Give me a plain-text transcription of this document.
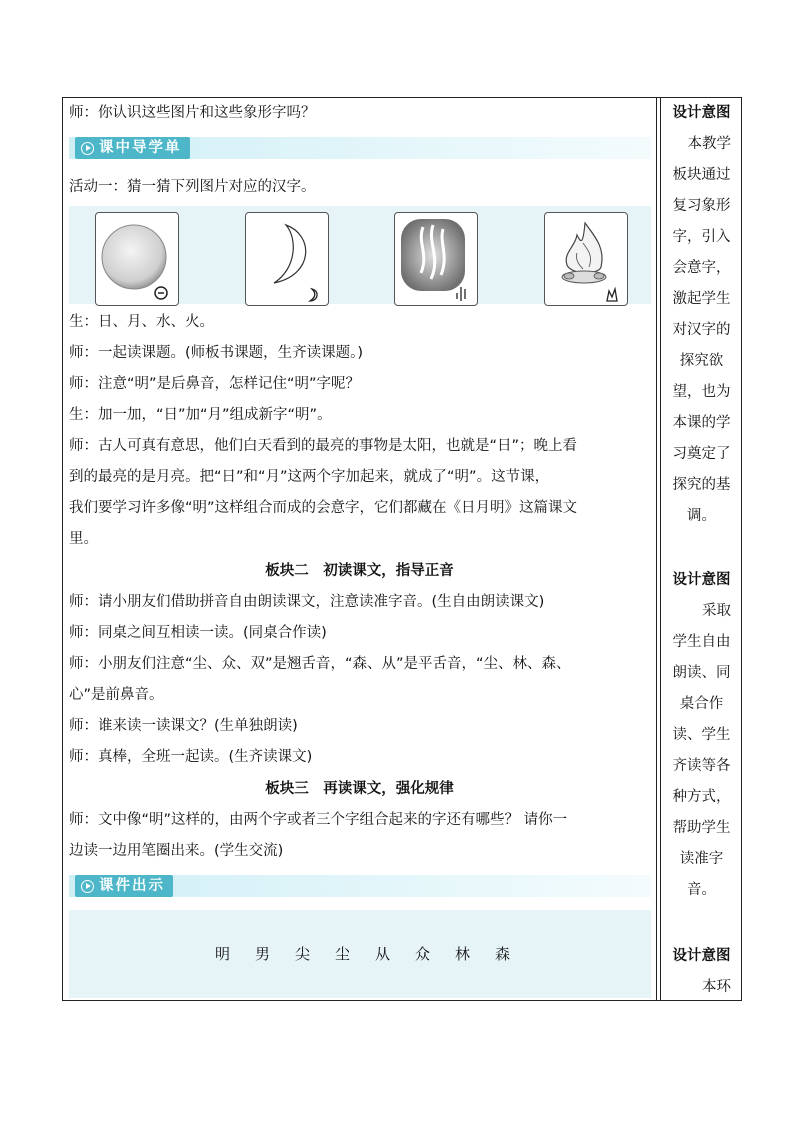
师：你认识这些图片和这些象形字吗？
课中导学单
活动一：猜一猜下列图片对应的汉字。
生：日、月、水、火。
师：一起读课题。(师板书课题，生齐读课题。)
师：注意“明”是后鼻音，怎样记住“明”字呢？
生：加一加，“日”加“月”组成新字“明”。
师：古人可真有意思，他们白天看到的最亮的事物是太阳，也就是“日”；晚上看
到的最亮的是月亮。把“日”和“月”这两个字加起来，就成了“明”。这节课，
我们要学习许多像“明”这样组合而成的会意字，它们都藏在《日月明》这篇课文
里。
板块二　初读课文，指导正音
师：请小朋友们借助拼音自由朗读课文，注意读准字音。(生自由朗读课文)
师：同桌之间互相读一读。(同桌合作读)
师：小朋友们注意“尘、众、双”是翘舌音，“森、从”是平舌音，“尘、林、森、
心”是前鼻音。
师：谁来读一读课文？(生单独朗读)
师：真棒，全班一起读。(生齐读课文)
板块三　再读课文，强化规律
师：文中像“明”这样的，由两个字或者三个字组合起来的字还有哪些？ 请你一
边读一边用笔圈出来。(学生交流)
课件出示
明 男 尖 尘 从 众 林 森
设计意图
本教学
板块通过
复习象形
字，引入
会意字，
激起学生
对汉字的
探究欲
望，也为
本课的学
习奠定了
探究的基
调。
设计意图
采取
学生自由
朗读、同
桌合作
读、学生
齐读等各
种方式，
帮助学生
读准字
音。
设计意图
本环
